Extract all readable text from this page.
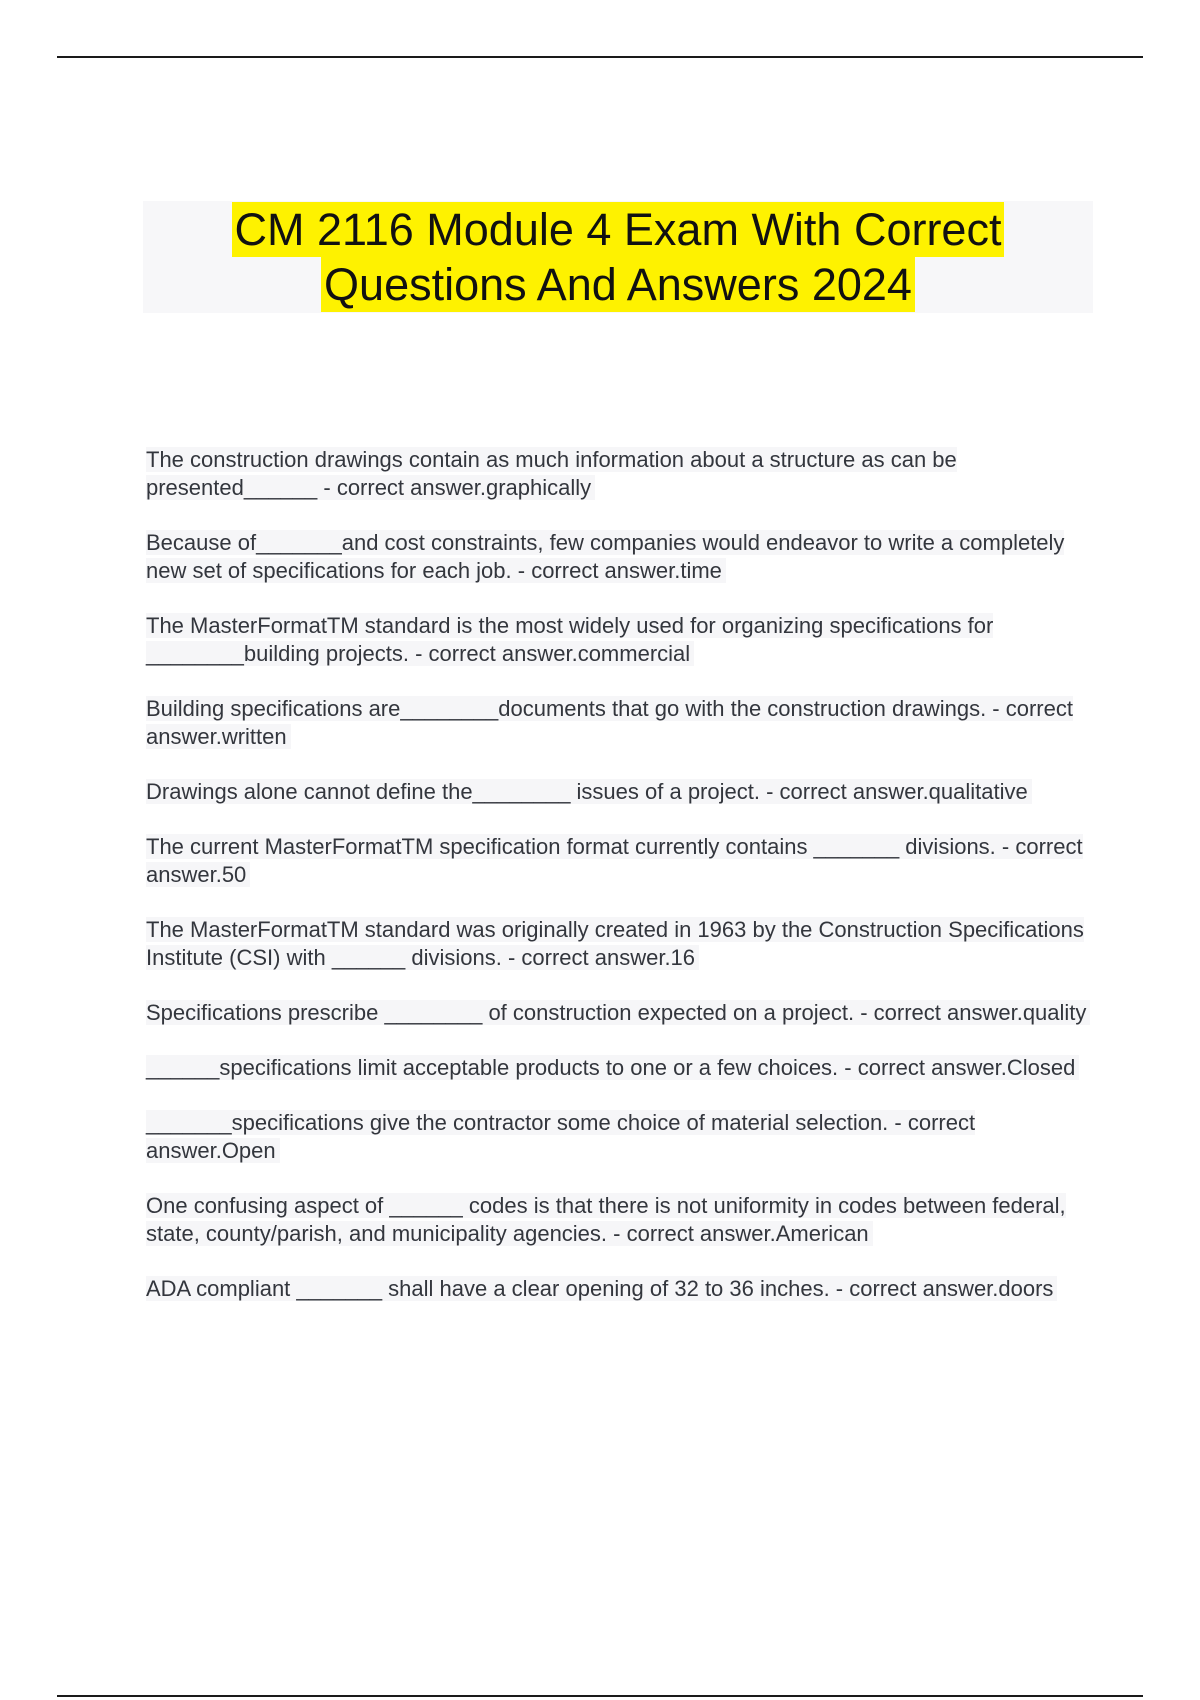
CM 2116 Module 4 Exam With Correct
Questions And Answers 2024

The construction drawings contain as much information about a structure as can be presented______ - correct answer.graphically

Because of_______and cost constraints, few companies would endeavor to write a completely new set of specifications for each job. - correct answer.time

The MasterFormatTM standard is the most widely used for organizing specifications for ________building projects. - correct answer.commercial

Building specifications are________documents that go with the construction drawings. - correct answer.written

Drawings alone cannot define the________ issues of a project. - correct answer.qualitative

The current MasterFormatTM specification format currently contains _______ divisions. - correct answer.50

The MasterFormatTM standard was originally created in 1963 by the Construction Specifications Institute (CSI) with ______ divisions. - correct answer.16

Specifications prescribe ________ of construction expected on a project. - correct answer.quality

______specifications limit acceptable products to one or a few choices. - correct answer.Closed

_______specifications give the contractor some choice of material selection. - correct answer.Open

One confusing aspect of ______ codes is that there is not uniformity in codes between federal, state, county/parish, and municipality agencies. - correct answer.American

ADA compliant _______ shall have a clear opening of 32 to 36 inches. - correct answer.doors
